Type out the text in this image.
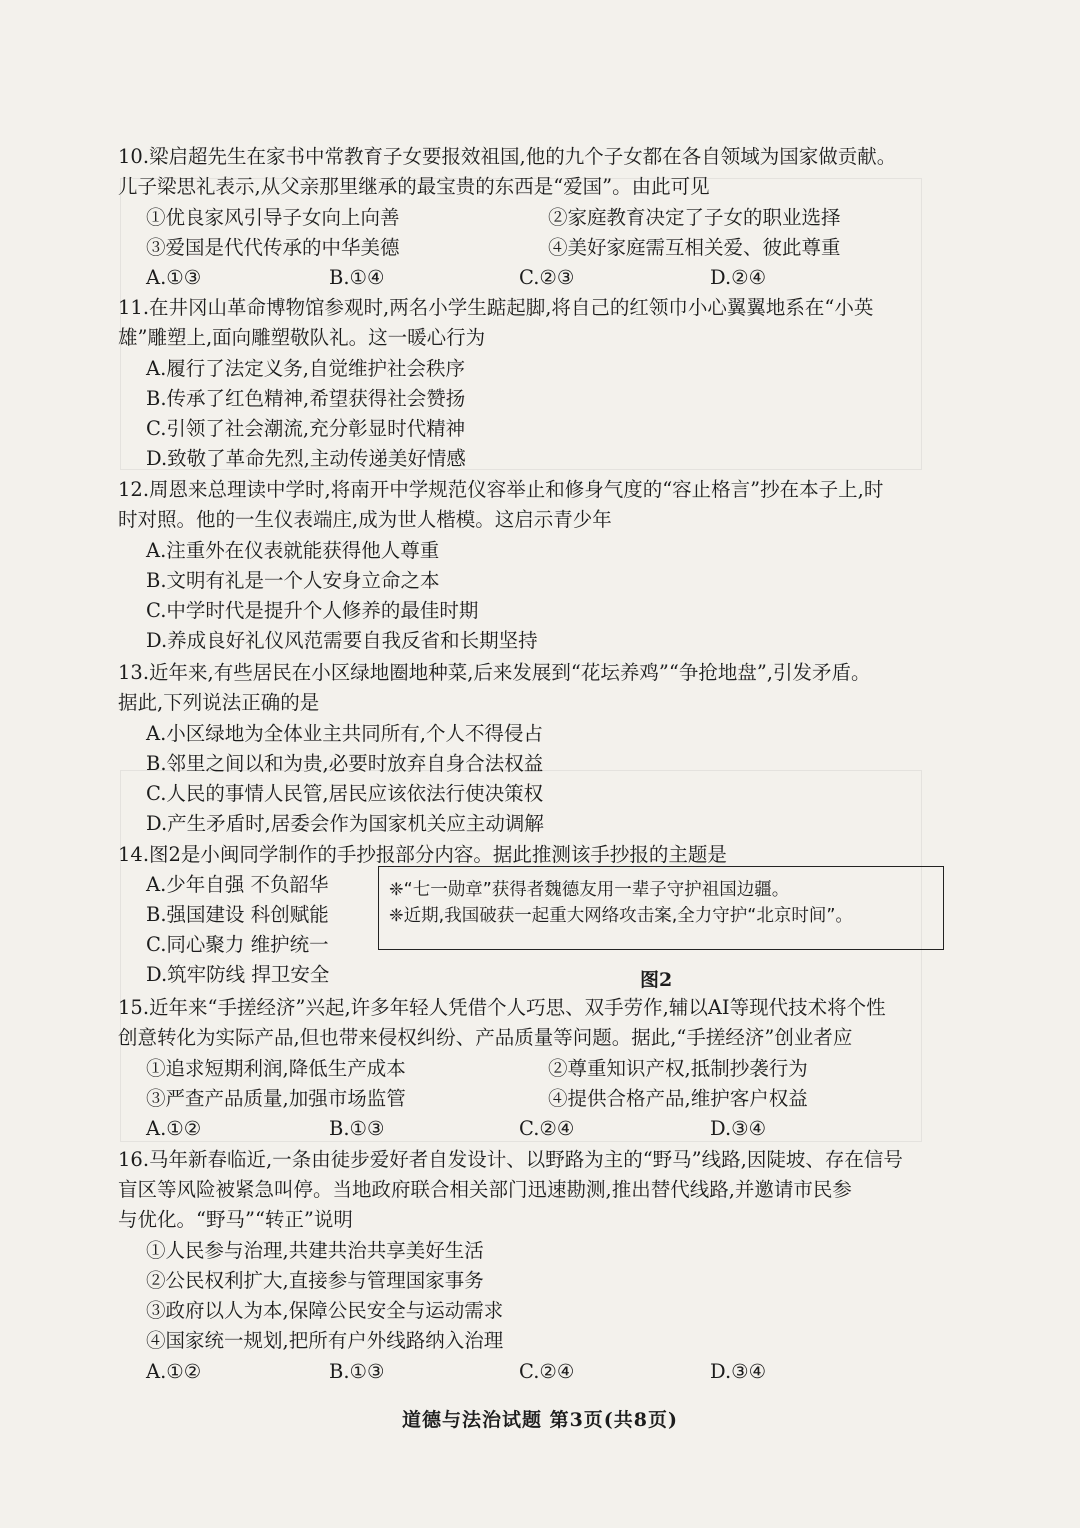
10.梁启超先生在家书中常教育子女要报效祖国,他的九个子女都在各自领域为国家做贡献。
儿子梁思礼表示,从父亲那里继承的最宝贵的东西是“爱国”。由此可见
①优良家风引导子女向上向善	②家庭教育决定了子女的职业选择
③爱国是代代传承的中华美德	④美好家庭需互相关爱、彼此尊重
A.①③	B.①④	C.②③	D.②④
11.在井冈山革命博物馆参观时,两名小学生踮起脚,将自己的红领巾小心翼翼地系在“小英
雄”雕塑上,面向雕塑敬队礼。这一暖心行为
A.履行了法定义务,自觉维护社会秩序
B.传承了红色精神,希望获得社会赞扬
C.引领了社会潮流,充分彰显时代精神
D.致敬了革命先烈,主动传递美好情感
12.周恩来总理读中学时,将南开中学规范仪容举止和修身气度的“容止格言”抄在本子上,时
时对照。他的一生仪表端庄,成为世人楷模。这启示青少年
A.注重外在仪表就能获得他人尊重
B.文明有礼是一个人安身立命之本
C.中学时代是提升个人修养的最佳时期
D.养成良好礼仪风范需要自我反省和长期坚持
13.近年来,有些居民在小区绿地圈地种菜,后来发展到“花坛养鸡”“争抢地盘”,引发矛盾。
据此,下列说法正确的是
A.小区绿地为全体业主共同所有,个人不得侵占
B.邻里之间以和为贵,必要时放弃自身合法权益
C.人民的事情人民管,居民应该依法行使决策权
D.产生矛盾时,居委会作为国家机关应主动调解
14.图2是小闽同学制作的手抄报部分内容。据此推测该手抄报的主题是
A.少年自强 不负韶华
B.强国建设 科创赋能
C.同心聚力 维护统一
D.筑牢防线 捍卫安全
❈“七一勋章”获得者魏德友用一辈子守护祖国边疆。
❈近期,我国破获一起重大网络攻击案,全力守护“北京时间”。
图2
15.近年来“手搓经济”兴起,许多年轻人凭借个人巧思、双手劳作,辅以AI等现代技术将个性
创意转化为实际产品,但也带来侵权纠纷、产品质量等问题。据此,“手搓经济”创业者应
①追求短期利润,降低生产成本	②尊重知识产权,抵制抄袭行为
③严查产品质量,加强市场监管	④提供合格产品,维护客户权益
A.①②	B.①③	C.②④	D.③④
16.马年新春临近,一条由徒步爱好者自发设计、以野路为主的“野马”线路,因陡坡、存在信号
盲区等风险被紧急叫停。当地政府联合相关部门迅速勘测,推出替代线路,并邀请市民参
与优化。“野马”“转正”说明
①人民参与治理,共建共治共享美好生活
②公民权利扩大,直接参与管理国家事务
③政府以人为本,保障公民安全与运动需求
④国家统一规划,把所有户外线路纳入治理
A.①②	B.①③	C.②④	D.③④
道德与法治试题 第3页(共8页)
